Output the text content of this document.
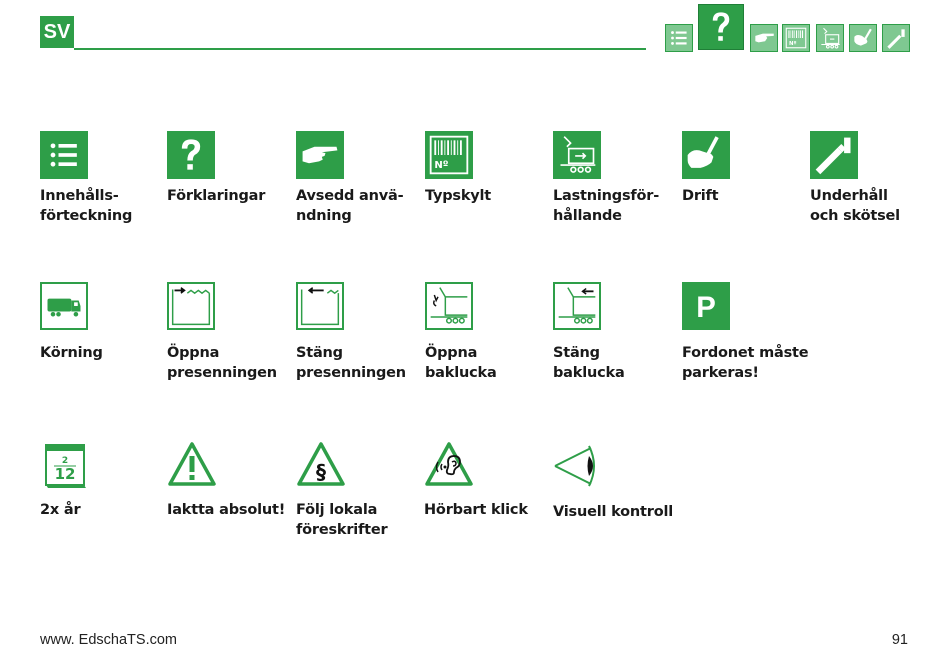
SV
Nº
Innehålls-
förteckning
Förklaringar	Avsedd anvä-
ndning
Nº
Typskylt	Lastningsför-
hållande
Drift	Underhåll
och skötsel
Körning	Öppna
presenningen
Stäng
presenningen
Öppna
baklucka
Stäng
baklucka
P
Fordonet måste
parkeras!
2
12
2x år	Iaktta absolut!
§
Följ lokala
föreskrifter
Hörbart klick	Visuell kontroll
www. EdschaTS.com	91
